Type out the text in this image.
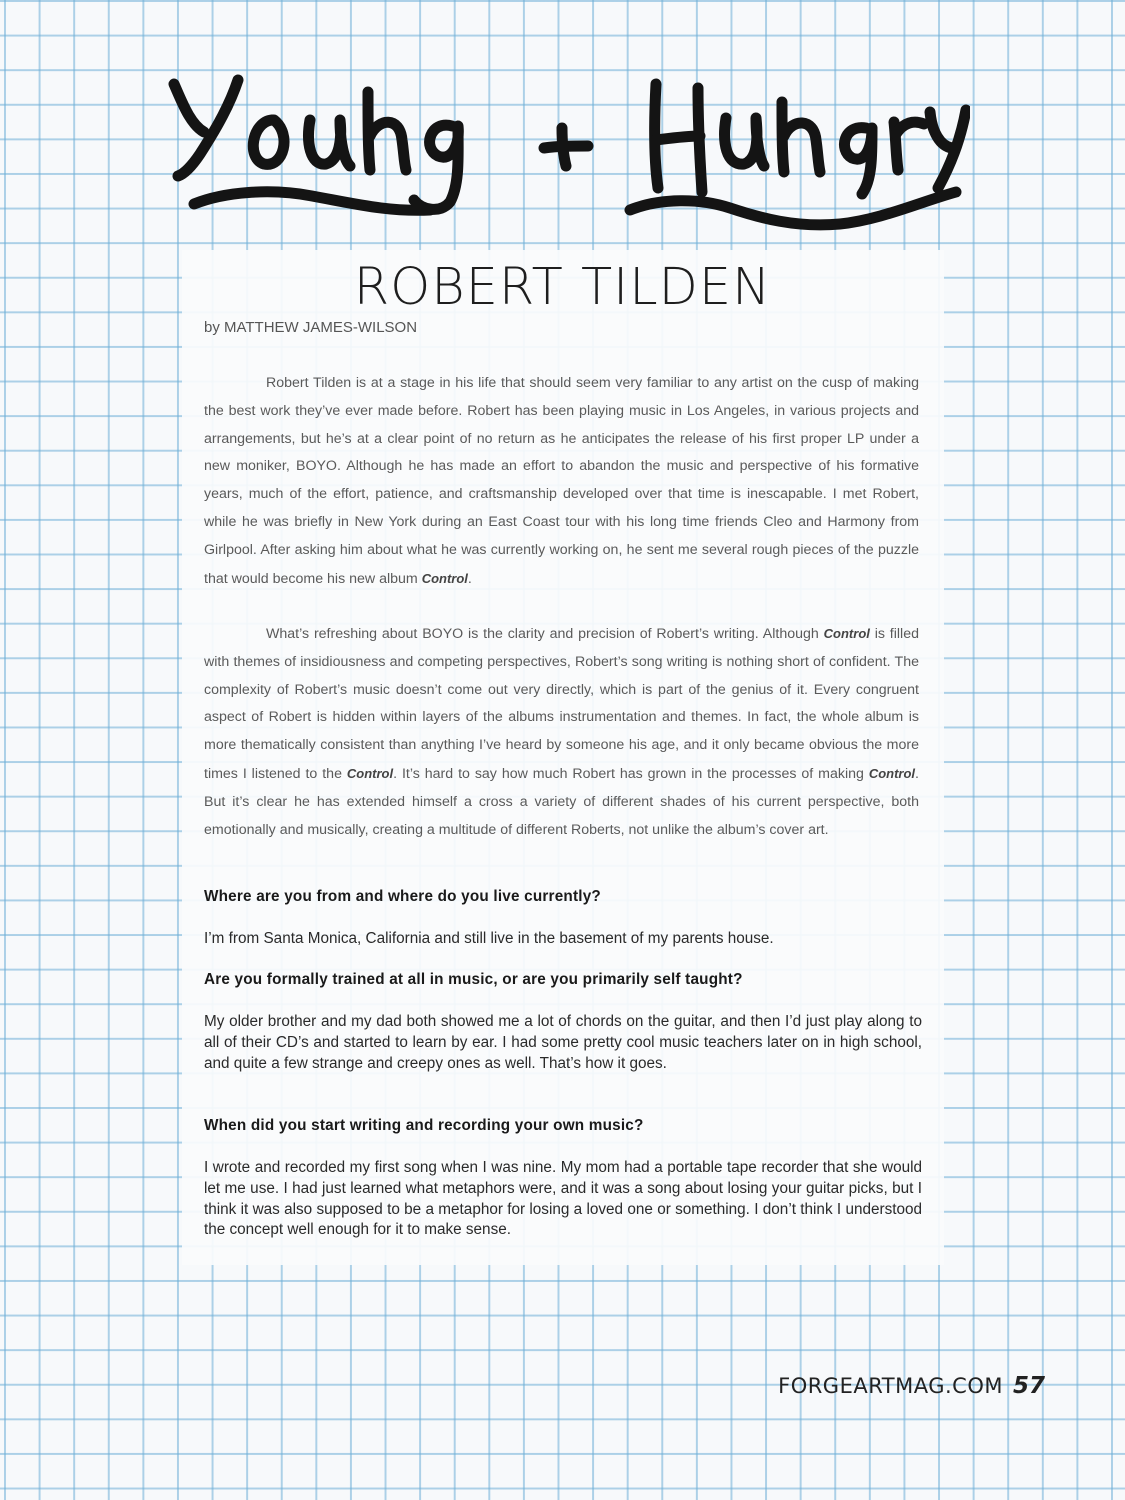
ROBERT TILDEN

by MATTHEW JAMES-WILSON

Robert Tilden is at a stage in his life that should seem very familiar to any artist on the cusp of making the best work they’ve ever made before. Robert has been playing music in Los Angeles, in various projects and arrangements, but he’s at a clear point of no return as he anticipates the release of his first proper LP under a new moniker, BOYO. Although he has made an effort to abandon the music and perspective of his formative years, much of the effort, patience, and craftsmanship developed over that time is inescapable. I met Robert, while he was briefly in New York during an East Coast tour with his long time friends Cleo and Harmony from Girlpool. After asking him about what he was currently working on, he sent me several rough pieces of the puzzle that would become his new album Control.

What’s refreshing about BOYO is the clarity and precision of Robert’s writing. Although Control is filled with themes of insidiousness and competing perspectives, Robert’s song writing is nothing short of confident. The complexity of Robert’s music doesn’t come out very directly, which is part of the genius of it. Every congruent aspect of Robert is hidden within layers of the albums instrumentation and themes. In fact, the whole album is more thematically consistent than anything I’ve heard by someone his age, and it only became obvious the more times I listened to the Control. It’s hard to say how much Robert has grown in the processes of making Control. But it’s clear he has extended himself a cross a variety of different shades of his current perspective, both emotionally and musically, creating a multitude of different Roberts, not unlike the album’s cover art.

Where are you from and where do you live currently?

I’m from Santa Monica, California and still live in the basement of my parents house.

Are you formally trained at all in music, or are you primarily self taught?

My older brother and my dad both showed me a lot of chords on the guitar, and then I’d just play along to all of their CD’s and started to learn by ear. I had some pretty cool music teachers later on in high school, and quite a few strange and creepy ones as well. That’s how it goes.

When did you start writing and recording your own music?

I wrote and recorded my first song when I was nine. My mom had a portable tape recorder that she would let me use. I had just learned what metaphors were, and it was a song about losing your guitar picks, but I think it was also supposed to be a metaphor for losing a loved one or something. I don’t think I understood the concept well enough for it to make sense.

FORGEARTMAG.COM 57
